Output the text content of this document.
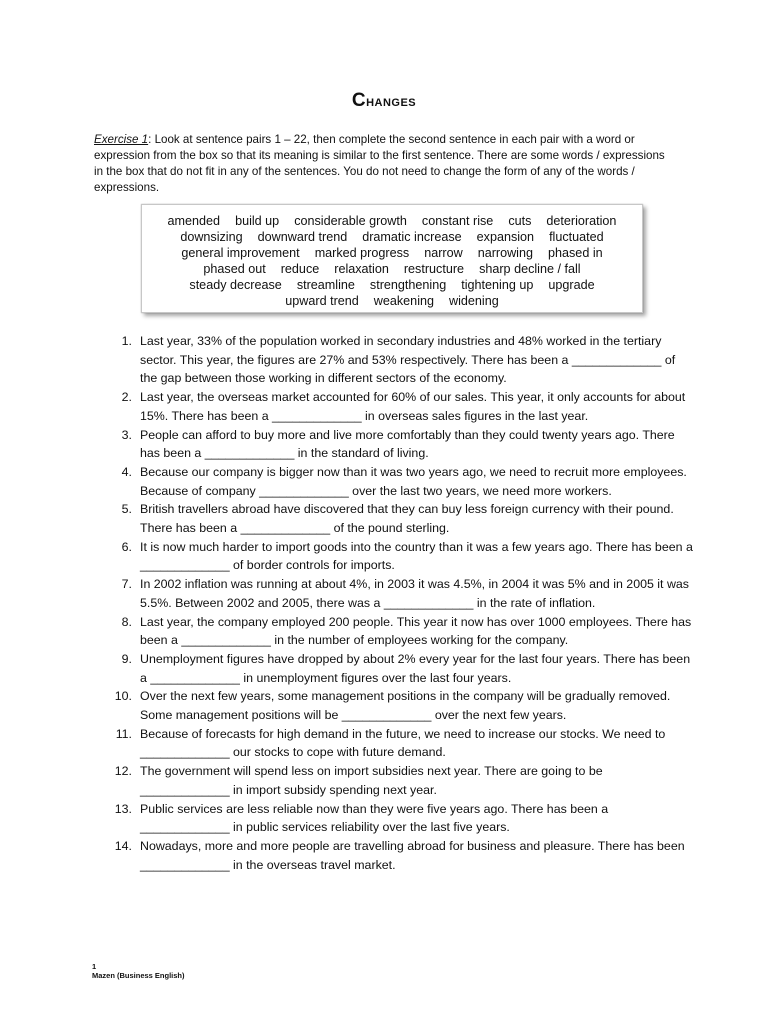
Changes
Exercise 1: Look at sentence pairs 1 – 22, then complete the second sentence in each pair with a word or expression from the box so that its meaning is similar to the first sentence. There are some words / expressions in the box that do not fit in any of the sentences. You do not need to change the form of any of the words / expressions.
amended build up considerable growth constant rise cuts deterioration
downsizing downward trend dramatic increase expansion fluctuated
general improvement marked progress narrow narrowing phased in
phased out reduce relaxation restructure sharp decline / fall
steady decrease streamline strengthening tightening up upgrade
upward trend weakening widening
1. Last year, 33% of the population worked in secondary industries and 48% worked in the tertiary sector. This year, the figures are 27% and 53% respectively. There has been a _____________ of the gap between those working in different sectors of the economy.
2. Last year, the overseas market accounted for 60% of our sales. This year, it only accounts for about 15%. There has been a _____________ in overseas sales figures in the last year.
3. People can afford to buy more and live more comfortably than they could twenty years ago. There has been a _____________ in the standard of living.
4. Because our company is bigger now than it was two years ago, we need to recruit more employees. Because of company _____________ over the last two years, we need more workers.
5. British travellers abroad have discovered that they can buy less foreign currency with their pound. There has been a _____________ of the pound sterling.
6. It is now much harder to import goods into the country than it was a few years ago. There has been a _____________ of border controls for imports.
7. In 2002 inflation was running at about 4%, in 2003 it was 4.5%, in 2004 it was 5% and in 2005 it was 5.5%. Between 2002 and 2005, there was a _____________ in the rate of inflation.
8. Last year, the company employed 200 people. This year it now has over 1000 employees. There has been a _____________ in the number of employees working for the company.
9. Unemployment figures have dropped by about 2% every year for the last four years. There has been a _____________ in unemployment figures over the last four years.
10. Over the next few years, some management positions in the company will be gradually removed. Some management positions will be _____________ over the next few years.
11. Because of forecasts for high demand in the future, we need to increase our stocks. We need to _____________ our stocks to cope with future demand.
12. The government will spend less on import subsidies next year. There are going to be _____________ in import subsidy spending next year.
13. Public services are less reliable now than they were five years ago. There has been a _____________ in public services reliability over the last five years.
14. Nowadays, more and more people are travelling abroad for business and pleasure. There has been _____________ in the overseas travel market.
1
Mazen (Business English)
